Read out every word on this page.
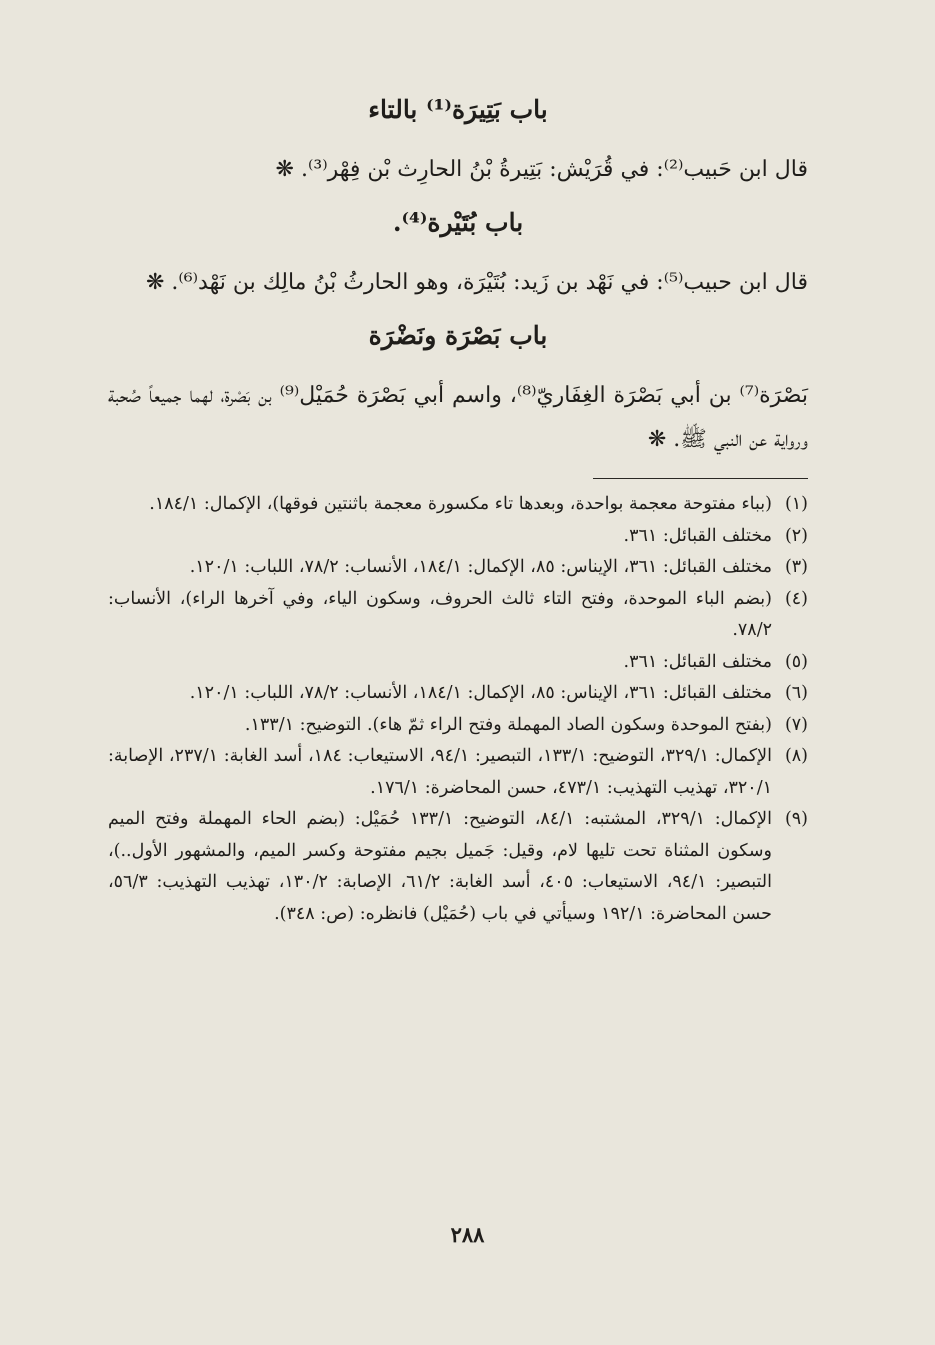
باب بَتِيرَة⁽¹⁾ بالتاء

قال ابن حَبيب⁽²⁾: في قُرَيْش: بَتِيرةُ بْنُ الحارِث بْن فِهْر⁽³⁾. ❋

باب بُتَيْرة⁽⁴⁾.

قال ابن حبيب⁽⁵⁾: في نَهْد بن زَيد: بُتَيْرَة، وهو الحارثُ بْنُ مالِك بن نَهْد⁽⁶⁾. ❋

باب بَصْرَة ونَضْرَة

بَصْرَة⁽⁷⁾ بن أبي بَصْرَة الغِفَاريّ⁽⁸⁾، واسم أبي بَصْرَة حُمَيْل⁽⁹⁾ بن بَصْرة، لهما جميعاً صُحبة ورواية عن النبي ﷺ. ❋

(١)
(بباء مفتوحة معجمة بواحدة، وبعدها تاء مكسورة معجمة باثنتين فوقها)، الإكمال: ١٨٤/١.
(٢)
مختلف القبائل: ٣٦١.
(٣)
مختلف القبائل: ٣٦١، الإيناس: ٨٥، الإكمال: ١٨٤/١، الأنساب: ٧٨/٢، اللباب: ١٢٠/١.
(٤)
(بضم الباء الموحدة، وفتح التاء ثالث الحروف، وسكون الياء، وفي آخرها الراء)، الأنساب: ٧٨/٢.
(٥)
مختلف القبائل: ٣٦١.
(٦)
مختلف القبائل: ٣٦١، الإيناس: ٨٥، الإكمال: ١٨٤/١، الأنساب: ٧٨/٢، اللباب: ١٢٠/١.
(٧)
(بفتح الموحدة وسكون الصاد المهملة وفتح الراء ثمّ هاء). التوضيح: ١٣٣/١.
(٨)
الإكمال: ٣٢٩/١، التوضيح: ١٣٣/١، التبصير: ٩٤/١، الاستيعاب: ١٨٤، أسد الغابة: ٢٣٧/١، الإصابة: ٣٢٠/١، تهذيب التهذيب: ٤٧٣/١، حسن المحاضرة: ١٧٦/١.
(٩)
الإكمال: ٣٢٩/١، المشتبه: ٨٤/١، التوضيح: ١٣٣/١ حُمَيْل: (بضم الحاء المهملة وفتح الميم وسكون المثناة تحت تليها لام، وقيل: جَميل بجيم مفتوحة وكسر الميم، والمشهور الأول..)، التبصير: ٩٤/١، الاستيعاب: ٤٠٥، أسد الغابة: ٦١/٢، الإصابة: ١٣٠/٢، تهذيب التهذيب: ٥٦/٣، حسن المحاضرة: ١٩٢/١ وسيأتي في باب (حُمَيْل) فانظره: (ص: ٣٤٨).
٢٨٨
